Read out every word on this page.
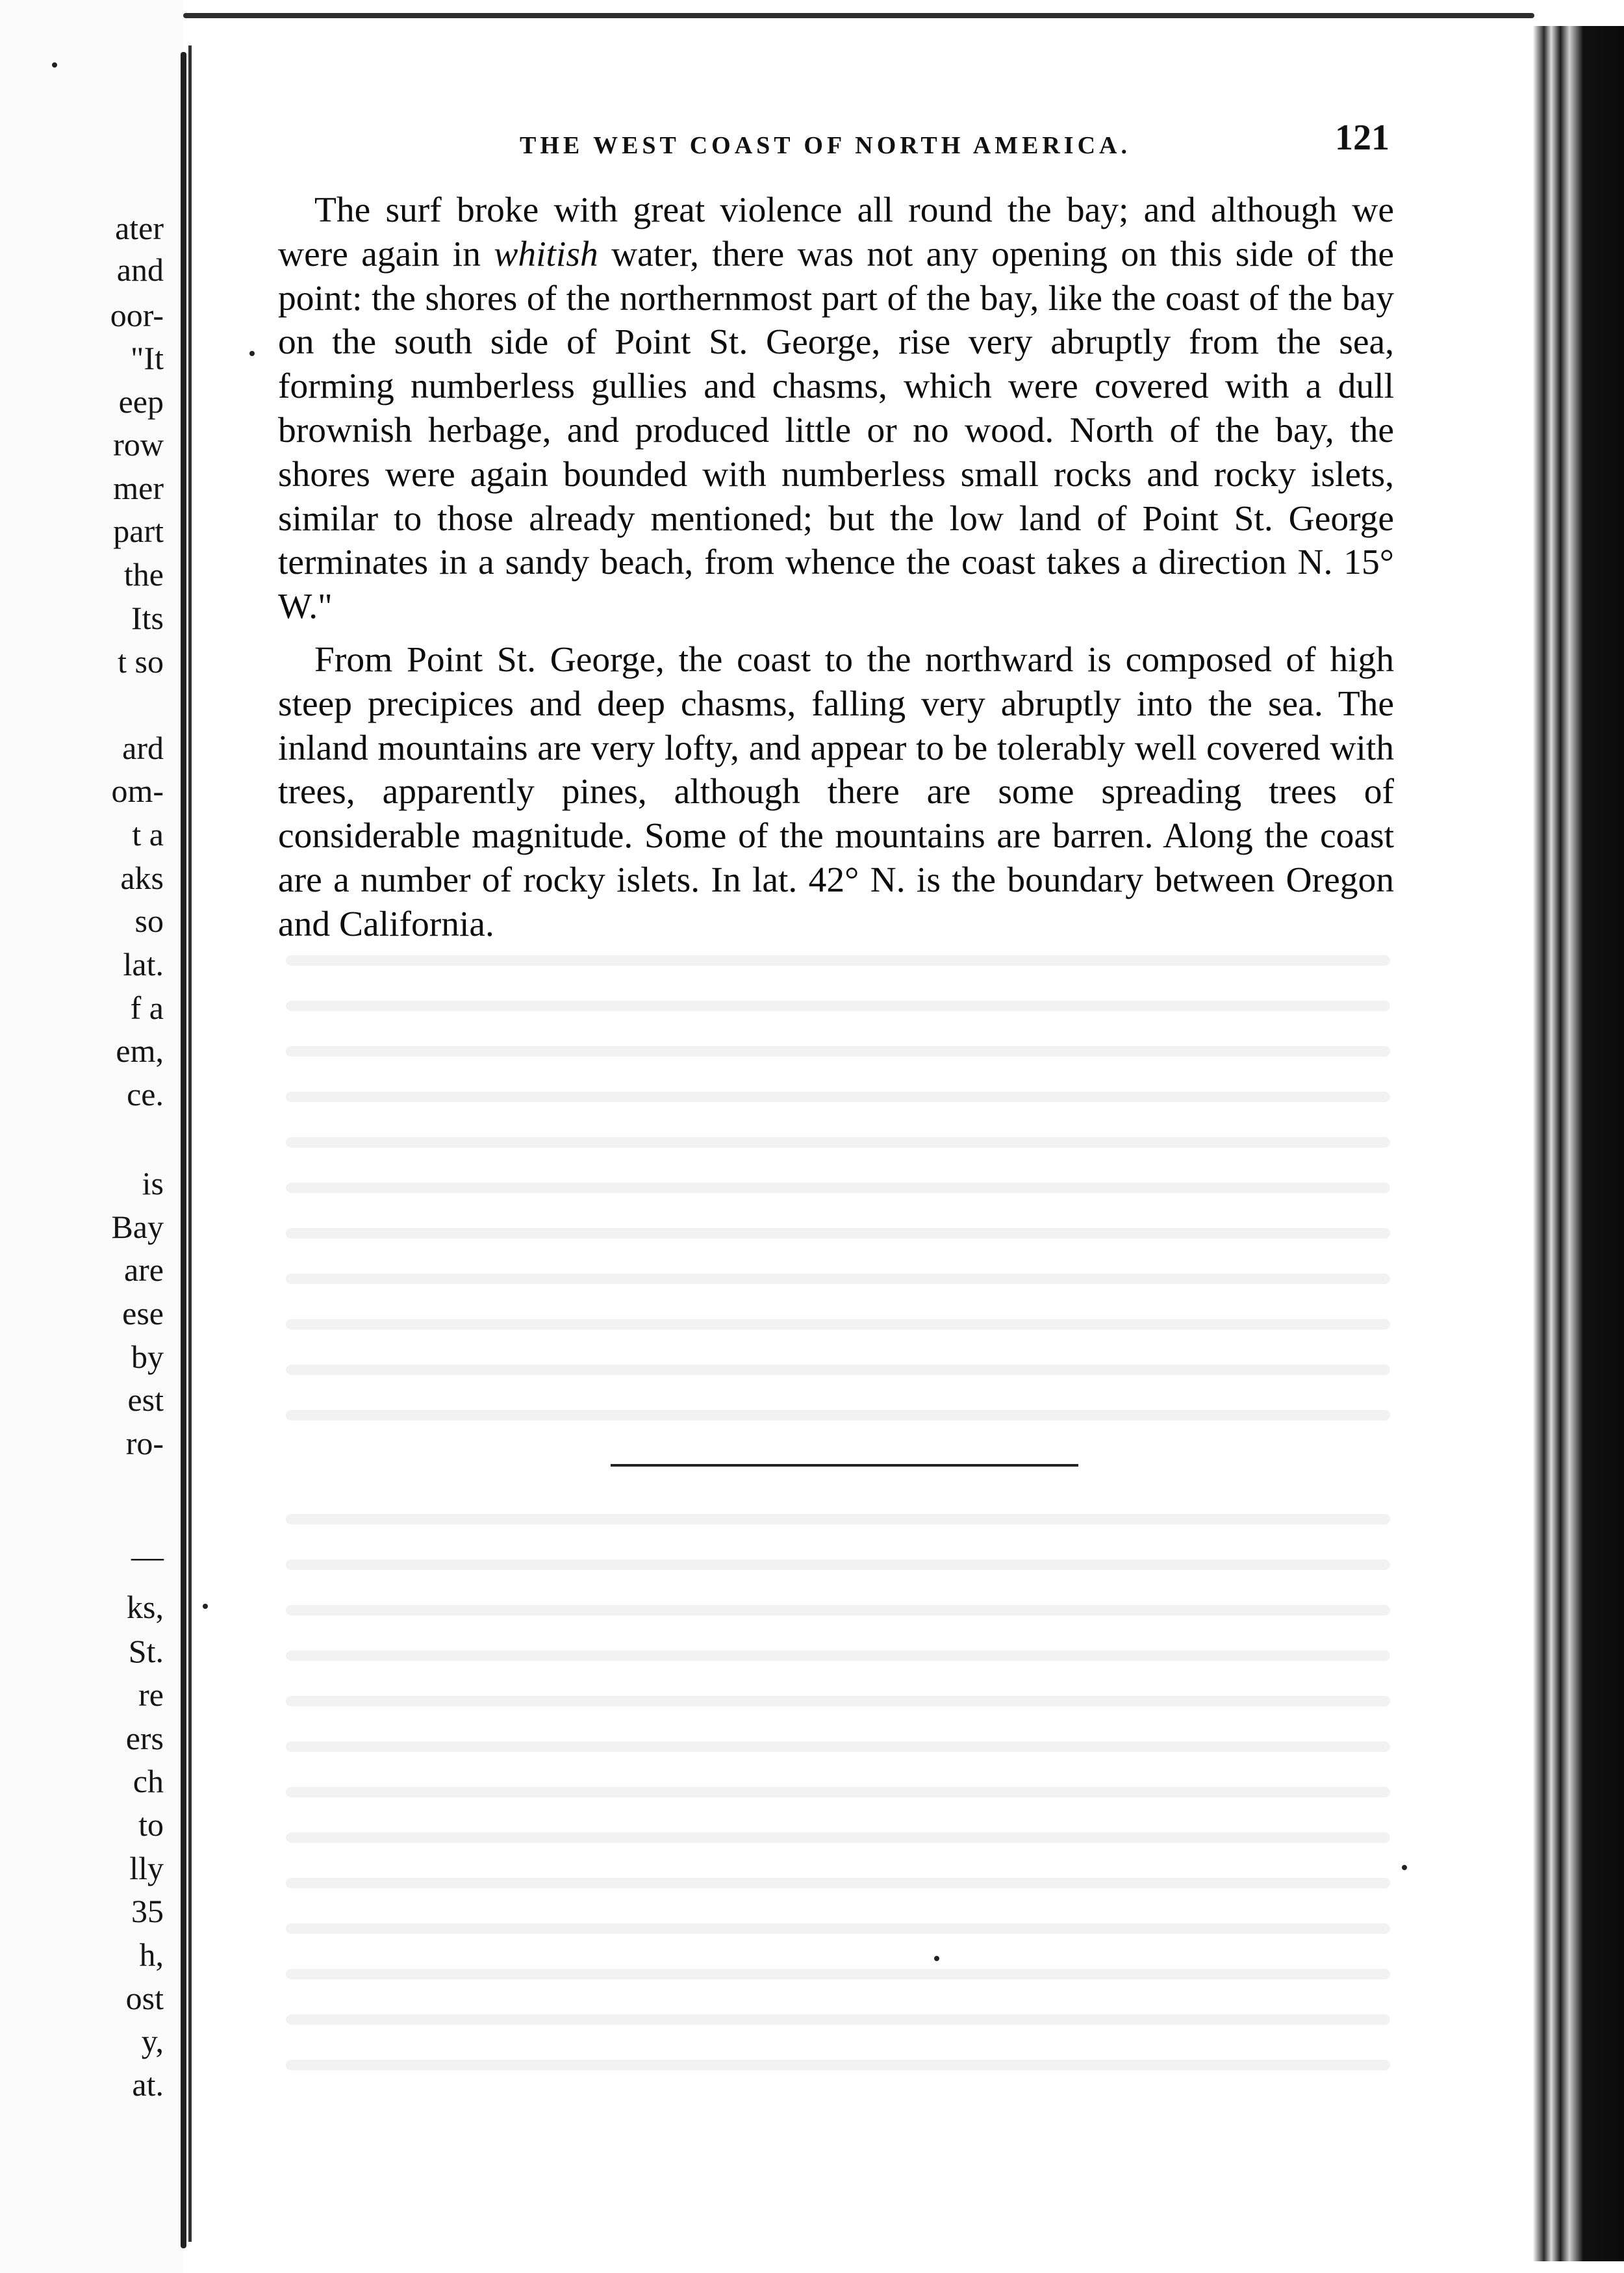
ater
and
oor-
"It
eep
row
mer
part
the
Its
t so
ard
om-
t a
aks
so
lat.
f a
em,
ce.
is
Bay
are
ese
by
est
ro-
—
ks,
St.
re
ers
ch
to
lly
35
h,
ost
y,
at.
THE WEST COAST OF NORTH AMERICA.	121

The surf broke with great violence all round the bay; and although we were again in whitish water, there was not any opening on this side of the point: the shores of the northernmost part of the bay, like the coast of the bay on the south side of Point St. George, rise very abruptly from the sea, forming numberless gullies and chasms, which were covered with a dull brownish herbage, and produced little or no wood. North of the bay, the shores were again bounded with numberless small rocks and rocky islets, similar to those already mentioned; but the low land of Point St. George terminates in a sandy beach, from whence the coast takes a direction N. 15° W."

From Point St. George, the coast to the northward is composed of high steep precipices and deep chasms, falling very abruptly into the sea. The inland mountains are very lofty, and appear to be tolerably well covered with trees, apparently pines, although there are some spreading trees of considerable magnitude. Some of the mountains are barren. Along the coast are a number of rocky islets. In lat. 42° N. is the boundary between Oregon and California.
